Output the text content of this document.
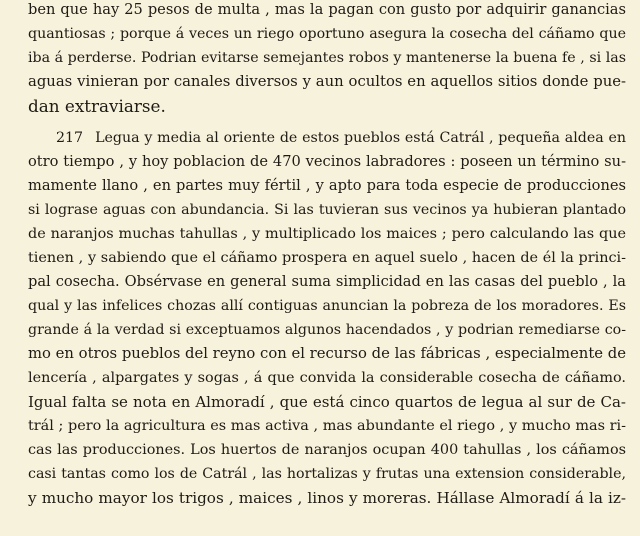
ben que hay 25 pesos de multa , mas la pagan con gusto por adquirir ganancias
quantiosas ; porque á veces un riego oportuno asegura la cosecha del cáñamo que
iba á perderse. Podrian evitarse semejantes robos y mantenerse la buena fe , si las
aguas vinieran por canales diversos y aun ocultos en aquellos sitios donde pue-
dan extraviarse.
217 Legua y media al oriente de estos pueblos está Catrál , pequeña aldea en
otro tiempo , y hoy poblacion de 470 vecinos labradores : poseen un término su-
mamente llano , en partes muy fértil , y apto para toda especie de producciones
si lograse aguas con abundancia. Si las tuvieran sus vecinos ya hubieran plantado
de naranjos muchas tahullas , y multiplicado los maices ; pero calculando las que
tienen , y sabiendo que el cáñamo prospera en aquel suelo , hacen de él la princi-
pal cosecha. Obsérvase en general suma simplicidad en las casas del pueblo , la
qual y las infelices chozas allí contiguas anuncian la pobreza de los moradores. Es
grande á la verdad si exceptuamos algunos hacendados , y podrian remediarse co-
mo en otros pueblos del reyno con el recurso de las fábricas , especialmente de
lencería , alpargates y sogas , á que convida la considerable cosecha de cáñamo.
Igual falta se nota en Almoradí , que está cinco quartos de legua al sur de Ca-
trál ; pero la agricultura es mas activa , mas abundante el riego , y mucho mas ri-
cas las producciones. Los huertos de naranjos ocupan 400 tahullas , los cáñamos
casi tantas como los de Catrál , las hortalizas y frutas una extension considerable,
y mucho mayor los trigos , maices , linos y moreras. Hállase Almoradí á la iz-
